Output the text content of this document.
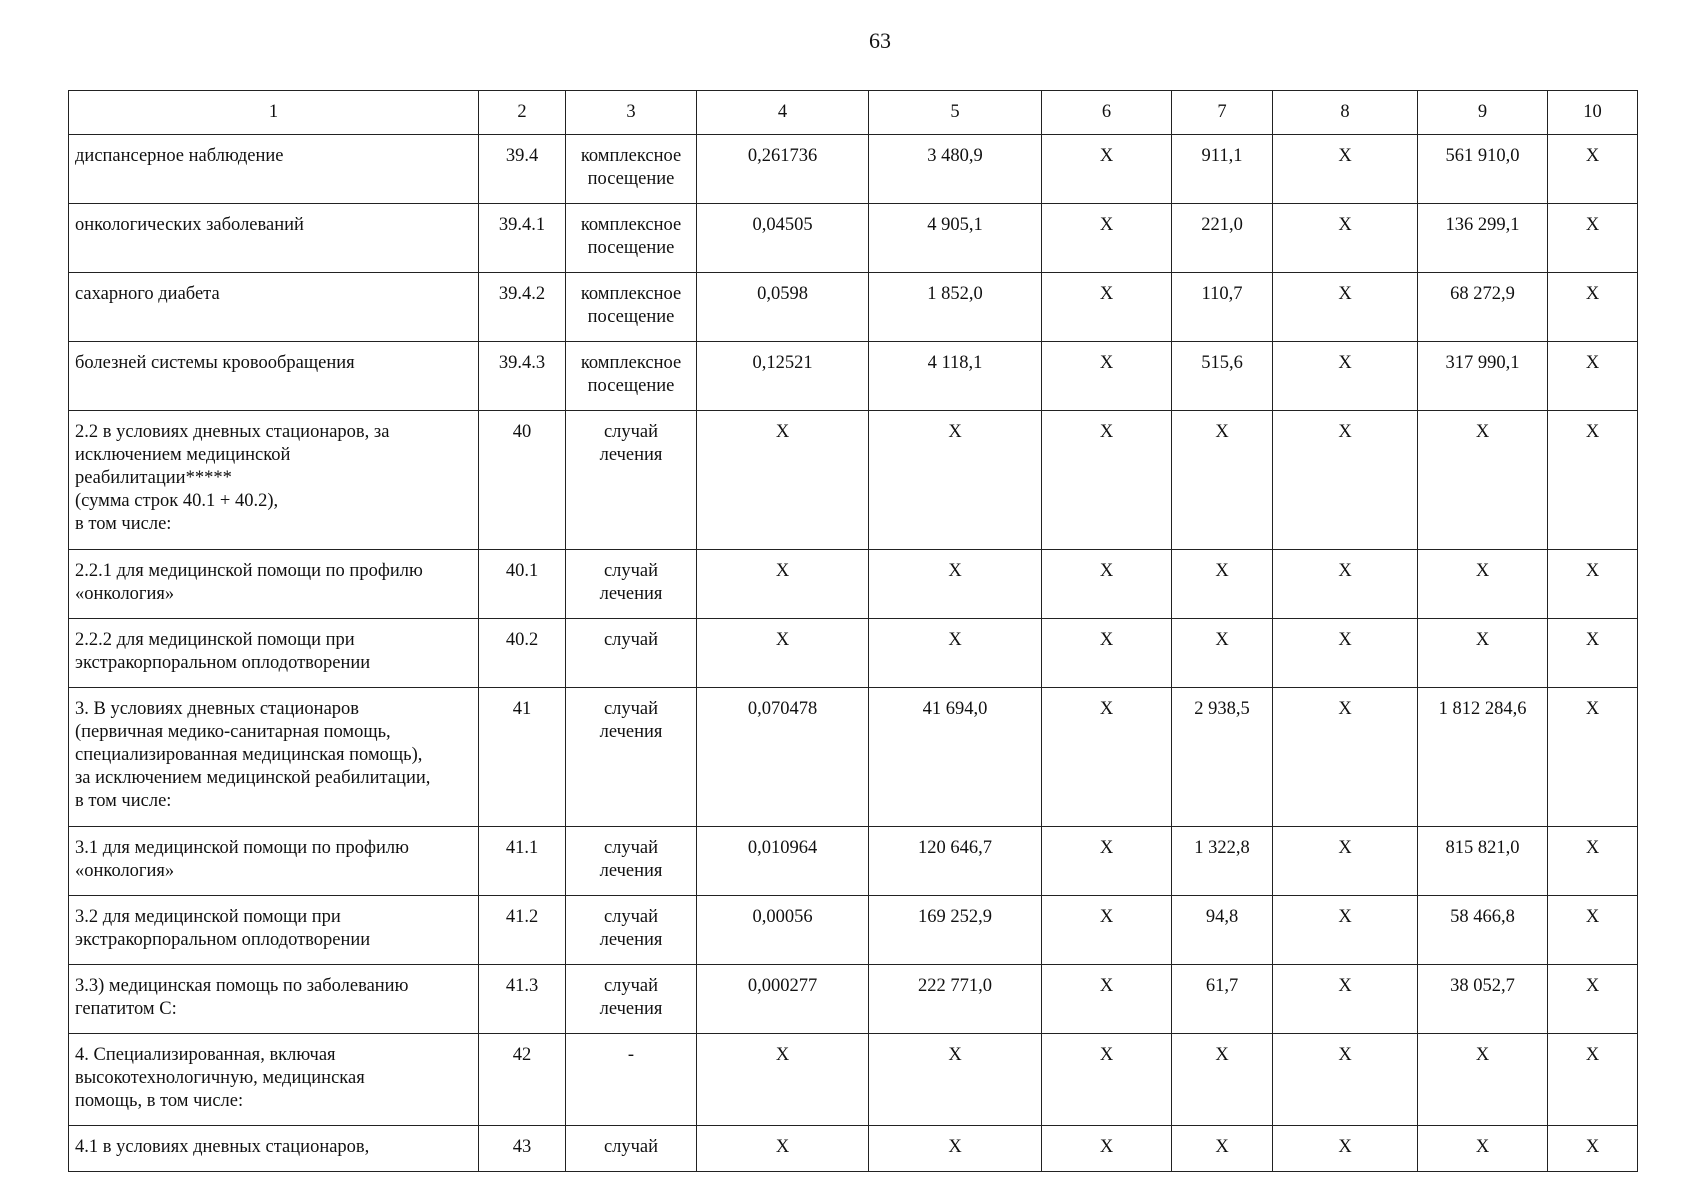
63
1	2	3	4	5	6	7	8	9	10
диспансерное наблюдение	39.4	комплексное
посещение	0,261736	3 480,9	Х	911,1	Х	561 910,0	Х
онкологических заболеваний	39.4.1	комплексное
посещение	0,04505	4 905,1	Х	221,0	Х	136 299,1	Х
сахарного диабета	39.4.2	комплексное
посещение	0,0598	1 852,0	Х	110,7	Х	68 272,9	Х
болезней системы кровообращения	39.4.3	комплексное
посещение	0,12521	4 118,1	Х	515,6	Х	317 990,1	Х
2.2 в условиях дневных стационаров, за
исключением медицинской
реабилитации*****
(сумма строк 40.1 + 40.2),
в том числе:	40	случай
лечения	Х	Х	Х	Х	Х	Х	Х
2.2.1 для медицинской помощи по профилю
«онкология»	40.1	случай
лечения	Х	Х	Х	Х	Х	Х	Х
2.2.2 для медицинской помощи при
экстракорпоральном оплодотворении	40.2	случай	Х	Х	Х	Х	Х	Х	Х
3. В условиях дневных стационаров
(первичная медико-санитарная помощь,
специализированная медицинская помощь),
за исключением медицинской реабилитации,
в том числе:	41	случай
лечения	0,070478	41 694,0	Х	2 938,5	Х	1 812 284,6	Х
3.1 для медицинской помощи по профилю
«онкология»	41.1	случай
лечения	0,010964	120 646,7	Х	1 322,8	Х	815 821,0	Х
3.2 для медицинской помощи при
экстракорпоральном оплодотворении	41.2	случай
лечения	0,00056	169 252,9	Х	94,8	Х	58 466,8	Х
3.3) медицинская помощь по заболеванию
гепатитом С:	41.3	случай
лечения	0,000277	222 771,0	Х	61,7	Х	38 052,7	Х
4. Специализированная, включая
высокотехнологичную, медицинская
помощь, в том числе:	42	-	Х	Х	Х	Х	Х	Х	Х
4.1 в условиях дневных стационаров,	43	случай	Х	Х	Х	Х	Х	Х	Х
